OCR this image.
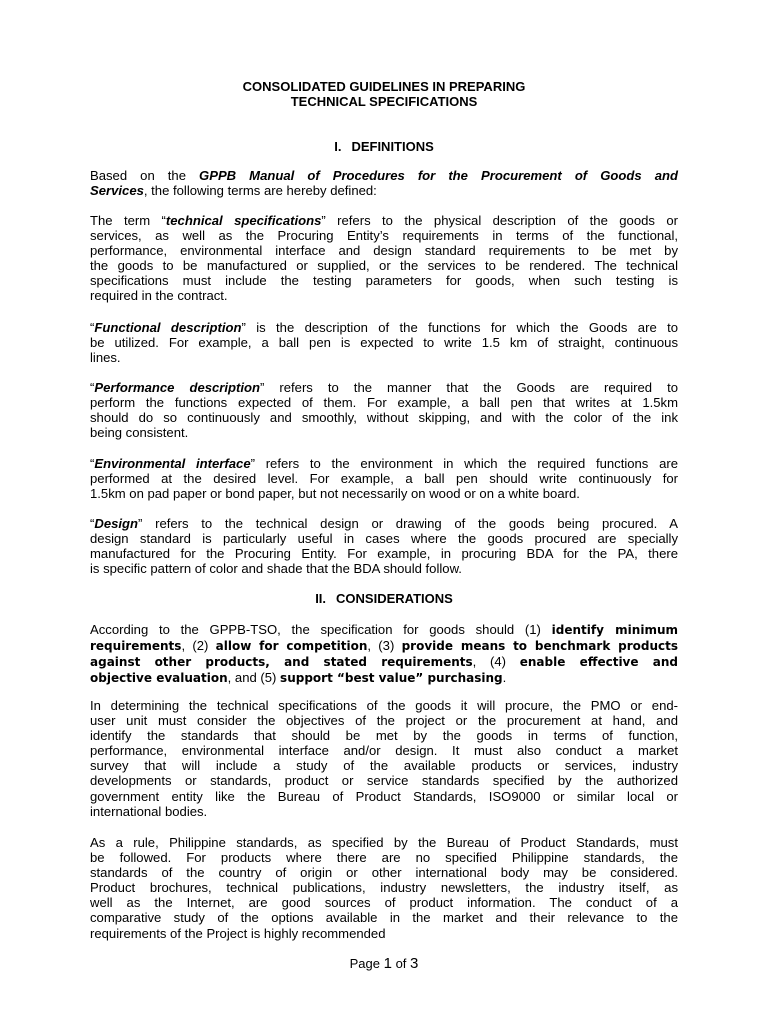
CONSOLIDATED GUIDELINES IN PREPARING
TECHNICAL SPECIFICATIONS
I. DEFINITIONS
Based on the GPPB Manual of Procedures for the Procurement of Goods and
Services, the following terms are hereby defined:
The term “technical specifications” refers to the physical description of the goods or
services, as well as the Procuring Entity’s requirements in terms of the functional,
performance, environmental interface and design standard requirements to be met by
the goods to be manufactured or supplied, or the services to be rendered. The technical
specifications must include the testing parameters for goods, when such testing is
required in the contract.
“Functional description” is the description of the functions for which the Goods are to
be utilized. For example, a ball pen is expected to write 1.5 km of straight, continuous
lines.
“Performance description” refers to the manner that the Goods are required to
perform the functions expected of them. For example, a ball pen that writes at 1.5km
should do so continuously and smoothly, without skipping, and with the color of the ink
being consistent.
“Environmental interface” refers to the environment in which the required functions are
performed at the desired level. For example, a ball pen should write continuously for
1.5km on pad paper or bond paper, but not necessarily on wood or on a white board.
“Design” refers to the technical design or drawing of the goods being procured. A
design standard is particularly useful in cases where the goods procured are specially
manufactured for the Procuring Entity. For example, in procuring BDA for the PA, there
is specific pattern of color and shade that the BDA should follow.
II. CONSIDERATIONS
According to the GPPB-TSO, the specification for goods should (1) identify minimum
requirements, (2) allow for competition, (3) provide means to benchmark products
against other products, and stated requirements, (4) enable effective and
objective evaluation, and (5) support “best value” purchasing.
In determining the technical specifications of the goods it will procure, the PMO or end-
user unit must consider the objectives of the project or the procurement at hand, and
identify the standards that should be met by the goods in terms of function,
performance, environmental interface and/or design. It must also conduct a market
survey that will include a study of the available products or services, industry
developments or standards, product or service standards specified by the authorized
government entity like the Bureau of Product Standards, ISO9000 or similar local or
international bodies.
As a rule, Philippine standards, as specified by the Bureau of Product Standards, must
be followed. For products where there are no specified Philippine standards, the
standards of the country of origin or other international body may be considered.
Product brochures, technical publications, industry newsletters, the industry itself, as
well as the Internet, are good sources of product information. The conduct of a
comparative study of the options available in the market and their relevance to the
requirements of the Project is highly recommended
Page 1 of 3
